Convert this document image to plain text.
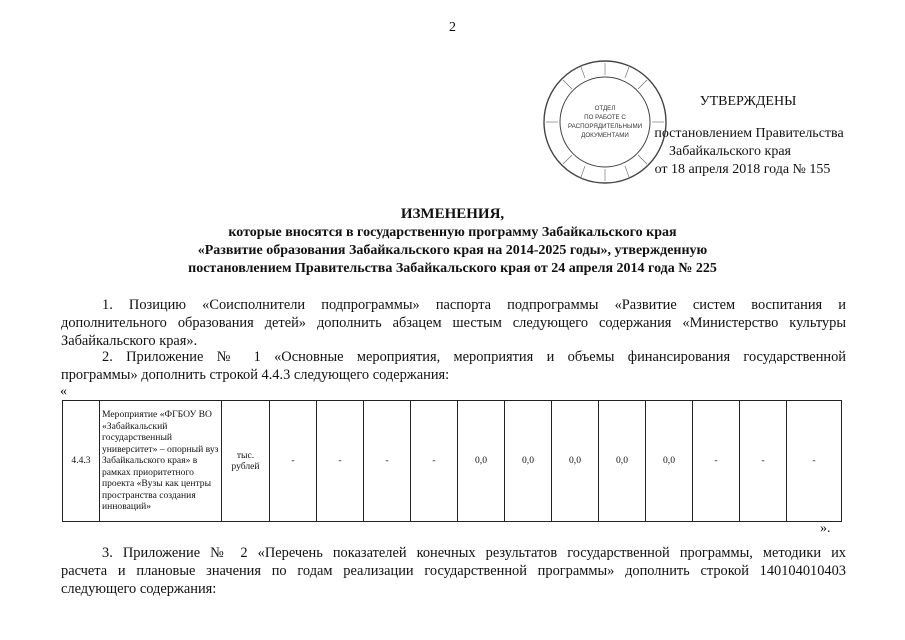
2
ОТДЕЛ
ПО РАБОТЕ С
РАСПОРЯДИТЕЛЬНЫМИ
ДОКУМЕНТАМИ
УТВЕРЖДЕНЫ
постановлением Правительства
Забайкальского края
от 18 апреля 2018 года № 155
ИЗМЕНЕНИЯ,
которые вносятся в государственную программу Забайкальского края
«Развитие образования Забайкальского края на 2014-2025 годы», утвержденную
постановлением Правительства Забайкальского края от 24 апреля 2014 года № 225
1. Позицию «Соисполнители подпрограммы» паспорта подпрограммы «Развитие систем воспитания и
дополнительного образования детей» дополнить абзацем шестым следующего содержания «Министерство культуры
Забайкальского края».
2. Приложение № 1 «Основные мероприятия, мероприятия и объемы финансирования государственной
программы» дополнить строкой 4.4.3 следующего содержания:
«
4.4.3	Мероприятие «ФГБОУ ВО «Забайкальский государственный университет» – опорный вуз Забайкальского края» в рамках приоритетного проекта «Вузы как центры пространства создания инноваций»	тыс. рублей	-	-	-	-	0,0	0,0	0,0	0,0	0,0	-	-	-
».
3. Приложение № 2 «Перечень показателей конечных результатов государственной программы, методики их
расчета и плановые значения по годам реализации государственной программы» дополнить строкой 140104010403
следующего содержания:
